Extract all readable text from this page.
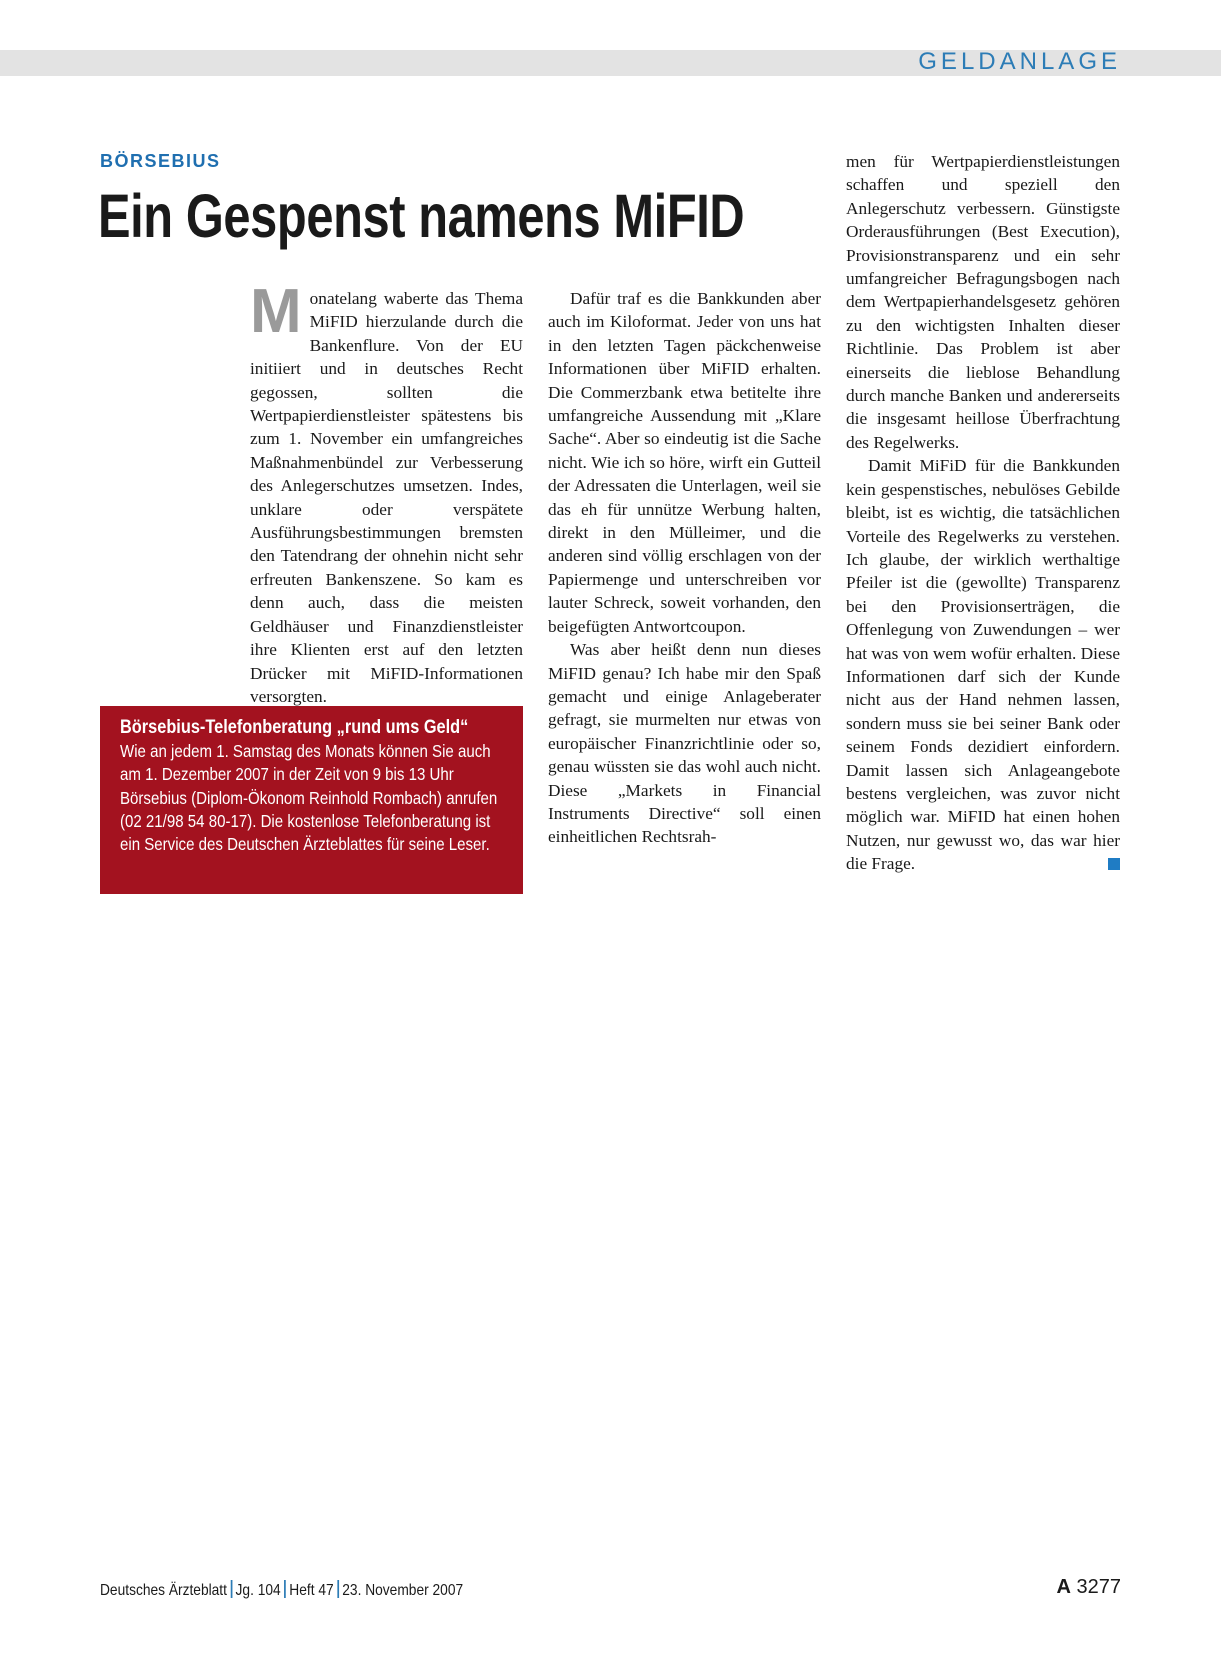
GELDANLAGE
BÖRSEBIUS
Ein Gespenst namens MiFID

Monatelang waberte das Thema MiFID hierzulande durch die Bankenflure. Von der EU initiiert und in deutsches Recht gegossen, sollten die Wertpapierdienstleister spätestens bis zum 1. November ein umfangreiches Maßnahmenbündel zur Verbesserung des Anlegerschutzes umsetzen. Indes, unklare oder verspätete Ausführungsbestimmungen bremsten den Tatendrang der ohnehin nicht sehr erfreuten Bankenszene. So kam es denn auch, dass die meisten Geldhäuser und Finanzdienstleister ihre Klienten erst auf den letzten Drücker mit MiFID-Informationen versorgten.

Dafür traf es die Bankkunden aber auch im Kiloformat. Jeder von uns hat in den letzten Tagen päckchenweise Informationen über MiFID erhalten. Die Commerzbank etwa betitelte ihre umfangreiche Aussendung mit „Klare Sache“. Aber so eindeutig ist die Sache nicht. Wie ich so höre, wirft ein Gutteil der Adressaten die Unterlagen, weil sie das eh für unnütze Werbung halten, direkt in den Mülleimer, und die anderen sind völlig erschlagen von der Papiermenge und unterschreiben vor lauter Schreck, soweit vorhanden, den beigefügten Antwortcoupon.

Was aber heißt denn nun dieses MiFID genau? Ich habe mir den Spaß gemacht und einige Anlageberater gefragt, sie murmelten nur etwas von europäischer Finanzrichtlinie oder so, genau wüssten sie das wohl auch nicht. Diese „Markets in Financial Instruments Directive“ soll einen einheitlichen Rechtsrah-

men für Wertpapierdienstleistungen schaffen und speziell den Anlegerschutz verbessern. Günstigste Orderausführungen (Best Execution), Provisionstransparenz und ein sehr umfangreicher Befragungsbogen nach dem Wertpapierhandelsgesetz gehören zu den wichtigsten Inhalten dieser Richtlinie. Das Problem ist aber einerseits die lieblose Behandlung durch manche Banken und andererseits die insgesamt heillose Überfrachtung des Regelwerks.

Damit MiFiD für die Bankkunden kein gespenstisches, nebulöses Gebilde bleibt, ist es wichtig, die tatsächlichen Vorteile des Regelwerks zu verstehen. Ich glaube, der wirklich werthaltige Pfeiler ist die (gewollte) Transparenz bei den Provisionserträgen, die Offenlegung von Zuwendungen – wer hat was von wem wofür erhalten. Diese Informationen darf sich der Kunde nicht aus der Hand nehmen lassen, sondern muss sie bei seiner Bank oder seinem Fonds dezidiert einfordern. Damit lassen sich Anlageangebote bestens vergleichen, was zuvor nicht möglich war. MiFID hat einen hohen Nutzen, nur gewusst wo, das war hier die Frage.

Börsebius-Telefonberatung „rund ums Geld“
Wie an jedem 1. Samstag des Monats können Sie auch am 1. Dezember 2007 in der Zeit von 9 bis 13 Uhr Börsebius (Diplom-Ökonom Reinhold Rombach) anrufen (02 21/98 54 80-17). Die kostenlose Telefonberatung ist ein Service des Deutschen Ärzteblattes für seine Leser.
Deutsches Ärzteblatt Jg. 104 Heft 47 23. November 2007	A 3277
